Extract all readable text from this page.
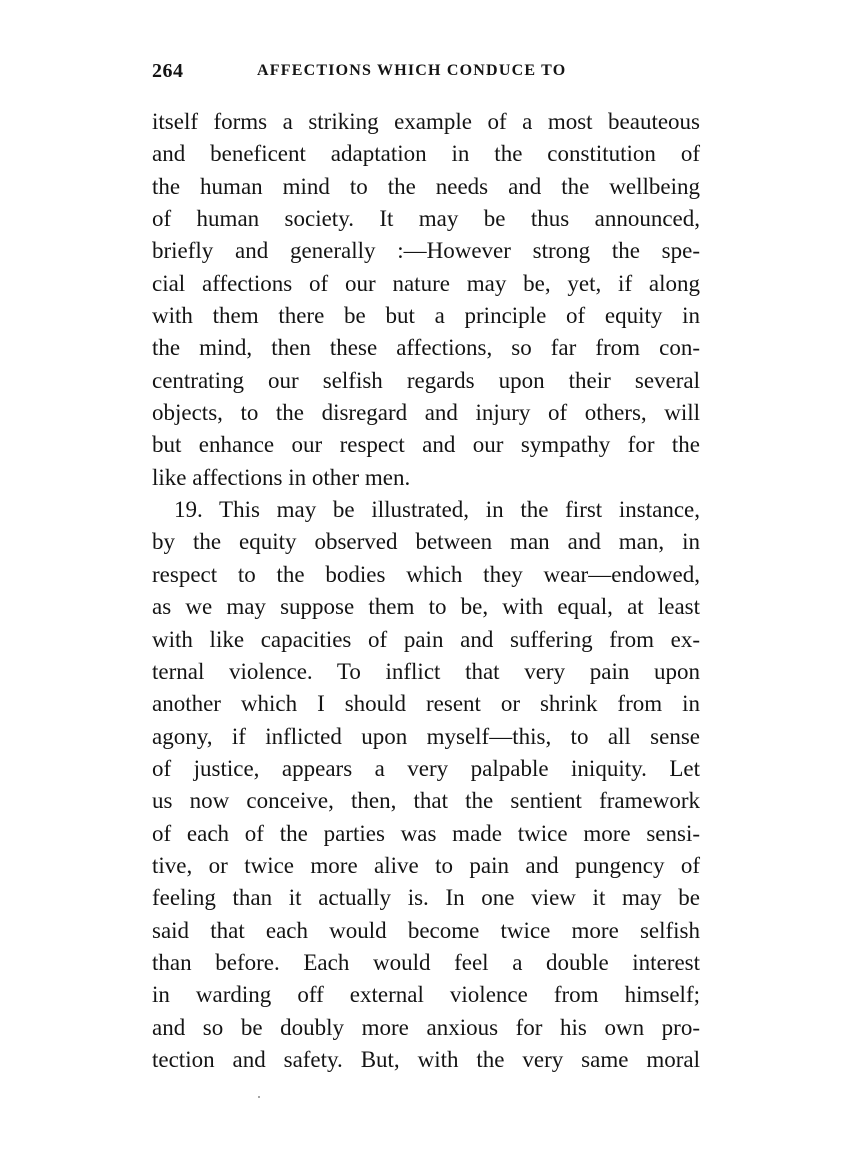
264	AFFECTIONS WHICH CONDUCE TO
itself forms a striking example of a most beauteous
and beneficent adaptation in the constitution of
the human mind to the needs and the wellbeing
of human society. It may be thus announced,
briefly and generally :—However strong the spe-
cial affections of our nature may be, yet, if along
with them there be but a principle of equity in
the mind, then these affections, so far from con-
centrating our selfish regards upon their several
objects, to the disregard and injury of others, will
but enhance our respect and our sympathy for the
like affections in other men.
19. This may be illustrated, in the first instance,
by the equity observed between man and man, in
respect to the bodies which they wear—endowed,
as we may suppose them to be, with equal, at least
with like capacities of pain and suffering from ex-
ternal violence. To inflict that very pain upon
another which I should resent or shrink from in
agony, if inflicted upon myself—this, to all sense
of justice, appears a very palpable iniquity. Let
us now conceive, then, that the sentient framework
of each of the parties was made twice more sensi-
tive, or twice more alive to pain and pungency of
feeling than it actually is. In one view it may be
said that each would become twice more selfish
than before. Each would feel a double interest
in warding off external violence from himself;
and so be doubly more anxious for his own pro-
tection and safety. But, with the very same moral
